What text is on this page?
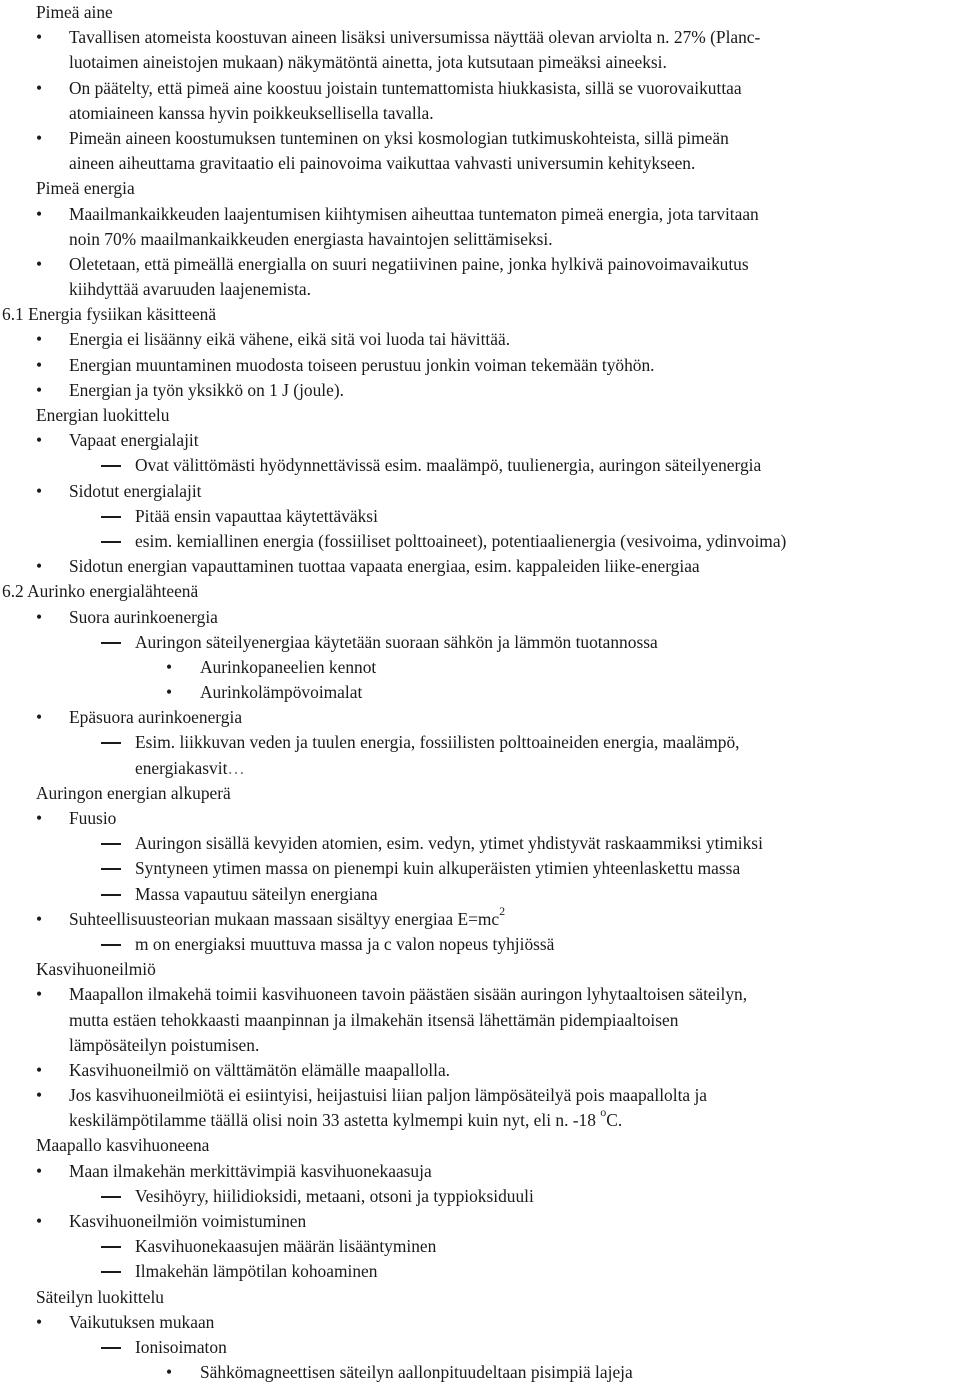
Pimeä aine
• Tavallisen atomeista koostuvan aineen lisäksi universumissa näyttää olevan arviolta n. 27% (Planc-
luotaimen aineistojen mukaan) näkymätöntä ainetta, jota kutsutaan pimeäksi aineeksi.
• On päätelty, että pimeä aine koostuu joistain tuntemattomista hiukkasista, sillä se vuorovaikuttaa
atomiaineen kanssa hyvin poikkeuksellisella tavalla.
• Pimeän aineen koostumuksen tunteminen on yksi kosmologian tutkimuskohteista, sillä pimeän
aineen aiheuttama gravitaatio eli painovoima vaikuttaa vahvasti universumin kehitykseen.
Pimeä energia
• Maailmankaikkeuden laajentumisen kiihtymisen aiheuttaa tuntematon pimeä energia, jota tarvitaan
noin 70% maailmankaikkeuden energiasta havaintojen selittämiseksi.
• Oletetaan, että pimeällä energialla on suuri negatiivinen paine, jonka hylkivä painovoimavaikutus
kiihdyttää avaruuden laajenemista.
6.1 Energia fysiikan käsitteenä
• Energia ei lisäänny eikä vähene, eikä sitä voi luoda tai hävittää.
• Energian muuntaminen muodosta toiseen perustuu jonkin voiman tekemään työhön.
• Energian ja työn yksikkö on 1 J (joule).
Energian luokittelu
• Vapaat energialajit
Ovat välittömästi hyödynnettävissä esim. maalämpö, tuulienergia, auringon säteilyenergia
• Sidotut energialajit
Pitää ensin vapauttaa käytettäväksi
esim. kemiallinen energia (fossiiliset polttoaineet), potentiaalienergia (vesivoima, ydinvoima)
• Sidotun energian vapauttaminen tuottaa vapaata energiaa, esim. kappaleiden liike-energiaa
6.2 Aurinko energialähteenä
• Suora aurinkoenergia
Auringon säteilyenergiaa käytetään suoraan sähkön ja lämmön tuotannossa
• Aurinkopaneelien kennot
• Aurinkolämpövoimalat
• Epäsuora aurinkoenergia
Esim. liikkuvan veden ja tuulen energia, fossiilisten polttoaineiden energia, maalämpö,
energiakasvit…
Auringon energian alkuperä
• Fuusio
Auringon sisällä kevyiden atomien, esim. vedyn, ytimet yhdistyvät raskaammiksi ytimiksi
Syntyneen ytimen massa on pienempi kuin alkuperäisten ytimien yhteenlaskettu massa
Massa vapautuu säteilyn energiana
• Suhteellisuusteorian mukaan massaan sisältyy energiaa $E=mc^2$
m on energiaksi muuttuva massa ja c valon nopeus tyhjiössä
Kasvihuoneilmiö
• Maapallon ilmakehä toimii kasvihuoneen tavoin päästäen sisään auringon lyhytaaltoisen säteilyn,
mutta estäen tehokkaasti maanpinnan ja ilmakehän itsensä lähettämän pidempiaaltoisen
lämpösäteilyn poistumisen.
• Kasvihuoneilmiö on välttämätön elämälle maapallolla.
• Jos kasvihuoneilmiötä ei esiintyisi, heijastuisi liian paljon lämpösäteilyä pois maapallolta ja
keskilämpötilamme täällä olisi noin 33 astetta kylmempi kuin nyt, eli n. -18 $^o$C.
Maapallo kasvihuoneena
• Maan ilmakehän merkittävimpiä kasvihuonekaasuja
Vesihöyry, hiilidioksidi, metaani, otsoni ja typpioksiduuli
• Kasvihuoneilmiön voimistuminen
Kasvihuonekaasujen määrän lisääntyminen
Ilmakehän lämpötilan kohoaminen
Säteilyn luokittelu
• Vaikutuksen mukaan
Ionisoimaton
• Sähkömagneettisen säteilyn aallonpituudeltaan pisimpiä lajeja
